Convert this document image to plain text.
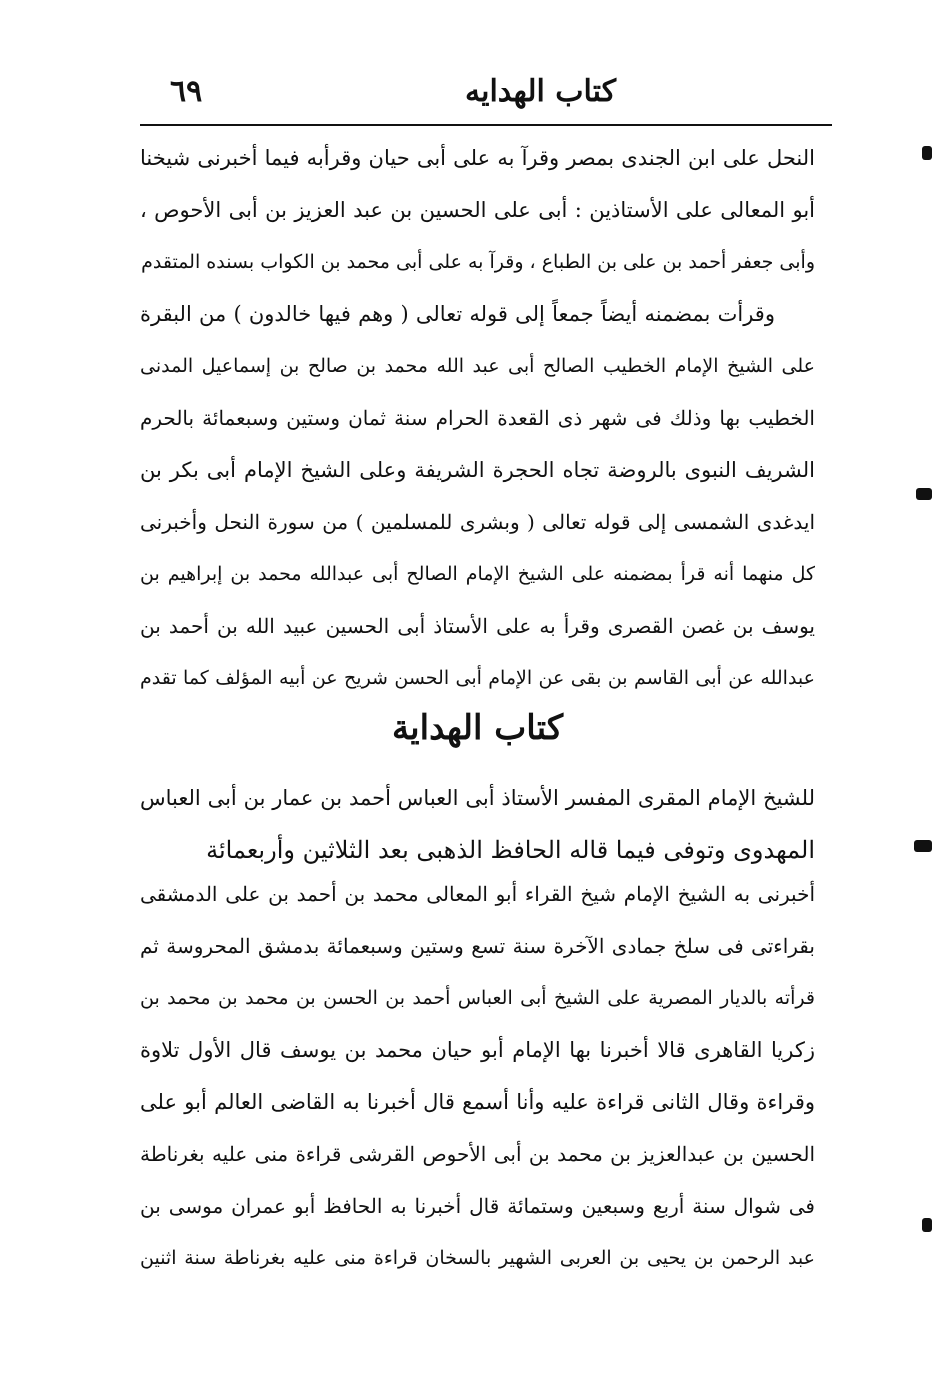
كتاب الهدايه
٦٩
النحل على ابن الجندى بمصر وقرآ به على أبى حيان وقرأبه فيما أخبرنى شيخنا
أبو المعالى على الأستاذين : أبى على الحسين بن عبد العزيز بن أبى الأحوص ،
وأبى جعفر أحمد بن على بن الطباع ، وقرآ به على أبى محمد بن الكواب بسنده المتقدم
وقرأت بمضمنه أيضاً جمعاً إلى قوله تعالى ( وهم فيها خالدون ) من البقرة
على الشيخ الإمام الخطيب الصالح أبى عبد الله محمد بن صالح بن إسماعيل المدنى
الخطيب بها وذلك فى شهر ذى القعدة الحرام سنة ثمان وستين وسبعمائة بالحرم
الشريف النبوى بالروضة تجاه الحجرة الشريفة وعلى الشيخ الإمام أبى بكر بن
ايدغدى الشمسى إلى قوله تعالى ( وبشرى للمسلمين ) من سورة النحل وأخبرنى
كل منهما أنه قرأ بمضمنه على الشيخ الإمام الصالح أبى عبدالله محمد بن إبراهيم بن
يوسف بن غصن القصرى وقرأ به على الأستاذ أبى الحسين عبيد الله بن أحمد بن
عبدالله عن أبى القاسم بن بقى عن الإمام أبى الحسن شريح عن أبيه المؤلف كما تقدم
كتاب الهداية
للشيخ الإمام المقرى المفسر الأستاذ أبى العباس أحمد بن عمار بن أبى العباس
المهدوى وتوفى فيما قاله الحافظ الذهبى بعد الثلاثين وأربعمائة
أخبرنى به الشيخ الإمام شيخ القراء أبو المعالى محمد بن أحمد بن على الدمشقى
بقراءتى فى سلخ جمادى الآخرة سنة تسع وستين وسبعمائة بدمشق المحروسة ثم
قرأته بالديار المصرية على الشيخ أبى العباس أحمد بن الحسن بن محمد بن محمد بن
زكريا القاهرى قالا أخبرنا بها الإمام أبو حيان محمد بن يوسف قال الأول تلاوة
وقراءة وقال الثانى قراءة عليه وأنا أسمع قال أخبرنا به القاضى العالم أبو على
الحسين بن عبدالعزيز بن محمد بن أبى الأحوص القرشى قراءة منى عليه بغرناطة
فى شوال سنة أربع وسبعين وستمائة قال أخبرنا به الحافظ أبو عمران موسى بن
عبد الرحمن بن يحيى بن العربى الشهير بالسخان قراءة منى عليه بغرناطة سنة اثنين
